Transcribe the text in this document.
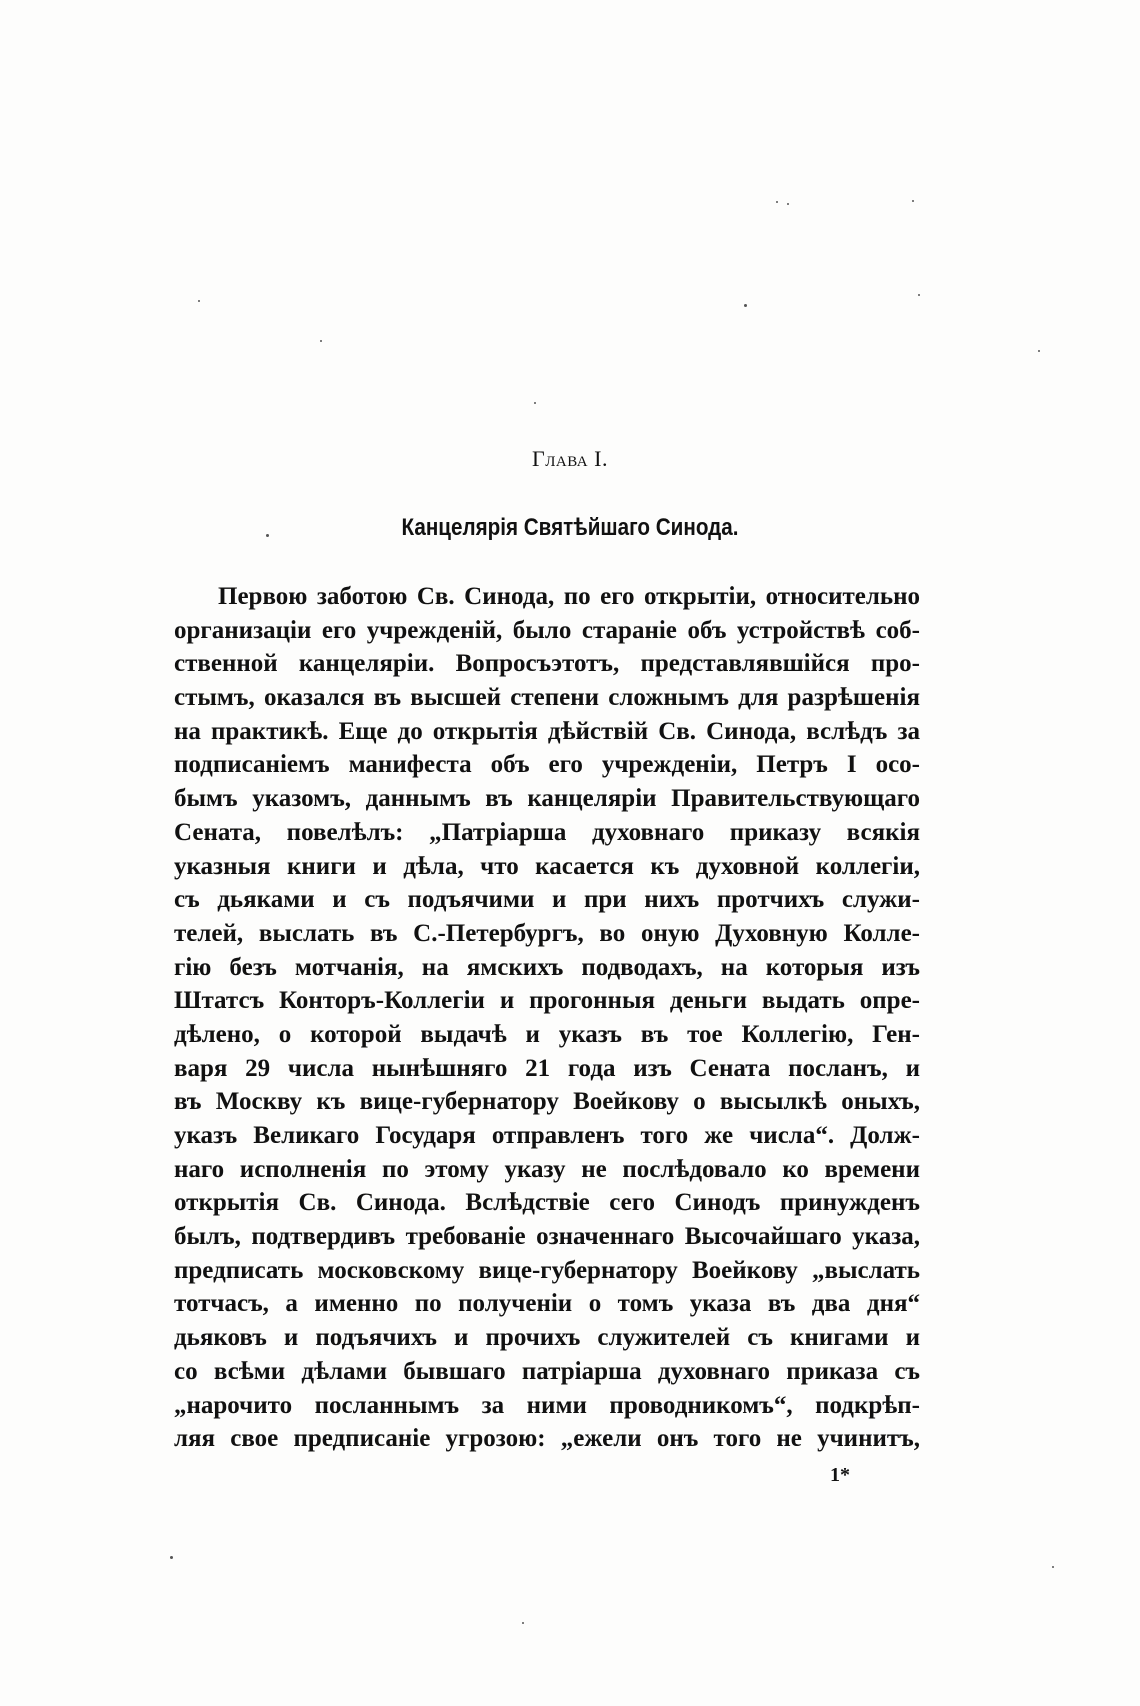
Глава I.
Канцелярія Святѣйшаго Синода.
Первою заботою Св. Синода, по его открытіи, относительно
организаціи его учрежденій, было стараніе объ устройствѣ соб-
ственной канцеляріи. Вопросъэтотъ, представлявшійся про-
стымъ, оказался въ высшей степени сложнымъ для разрѣшенія
на практикѣ. Еще до открытія дѣйствій Св. Синода, вслѣдъ за
подписаніемъ манифеста объ его учрежденіи, Петръ I осо-
бымъ указомъ, даннымъ въ канцеляріи Правительствующаго
Сената, повелѣлъ: „Патріарша духовнаго приказу всякія
указныя книги и дѣла, что касается къ духовной коллегіи,
съ дьяками и съ подъячими и при нихъ протчихъ служи-
телей, выслать въ С.-Петербургъ, во оную Духовную Колле-
гію безъ мотчанія, на ямскихъ подводахъ, на которыя изъ
Штатсъ Конторъ-Коллегіи и прогонныя деньги выдать опре-
дѣлено, о которой выдачѣ и указъ въ тое Коллегію, Ген-
варя 29 числа нынѣшняго 21 года изъ Сената посланъ, и
въ Москву къ вице-губернатору Воейкову о высылкѣ оныхъ,
указъ Великаго Государя отправленъ того же числа“. Долж-
наго исполненія по этому указу не послѣдовало ко времени
открытія Св. Синода. Вслѣдствіе сего Синодъ принужденъ
былъ, подтвердивъ требованіе означеннаго Высочайшаго указа,
предписать московскому вице-губернатору Воейкову „выслать
тотчасъ, а именно по полученіи о томъ указа въ два дня“
дьяковъ и подъячихъ и прочихъ служителей съ книгами и
со всѣми дѣлами бывшаго патріарша духовнаго приказа съ
„нарочито посланнымъ за ними проводникомъ“, подкрѣп-
ляя свое предписаніе угрозою: „ежели онъ того не учинитъ,
1*
